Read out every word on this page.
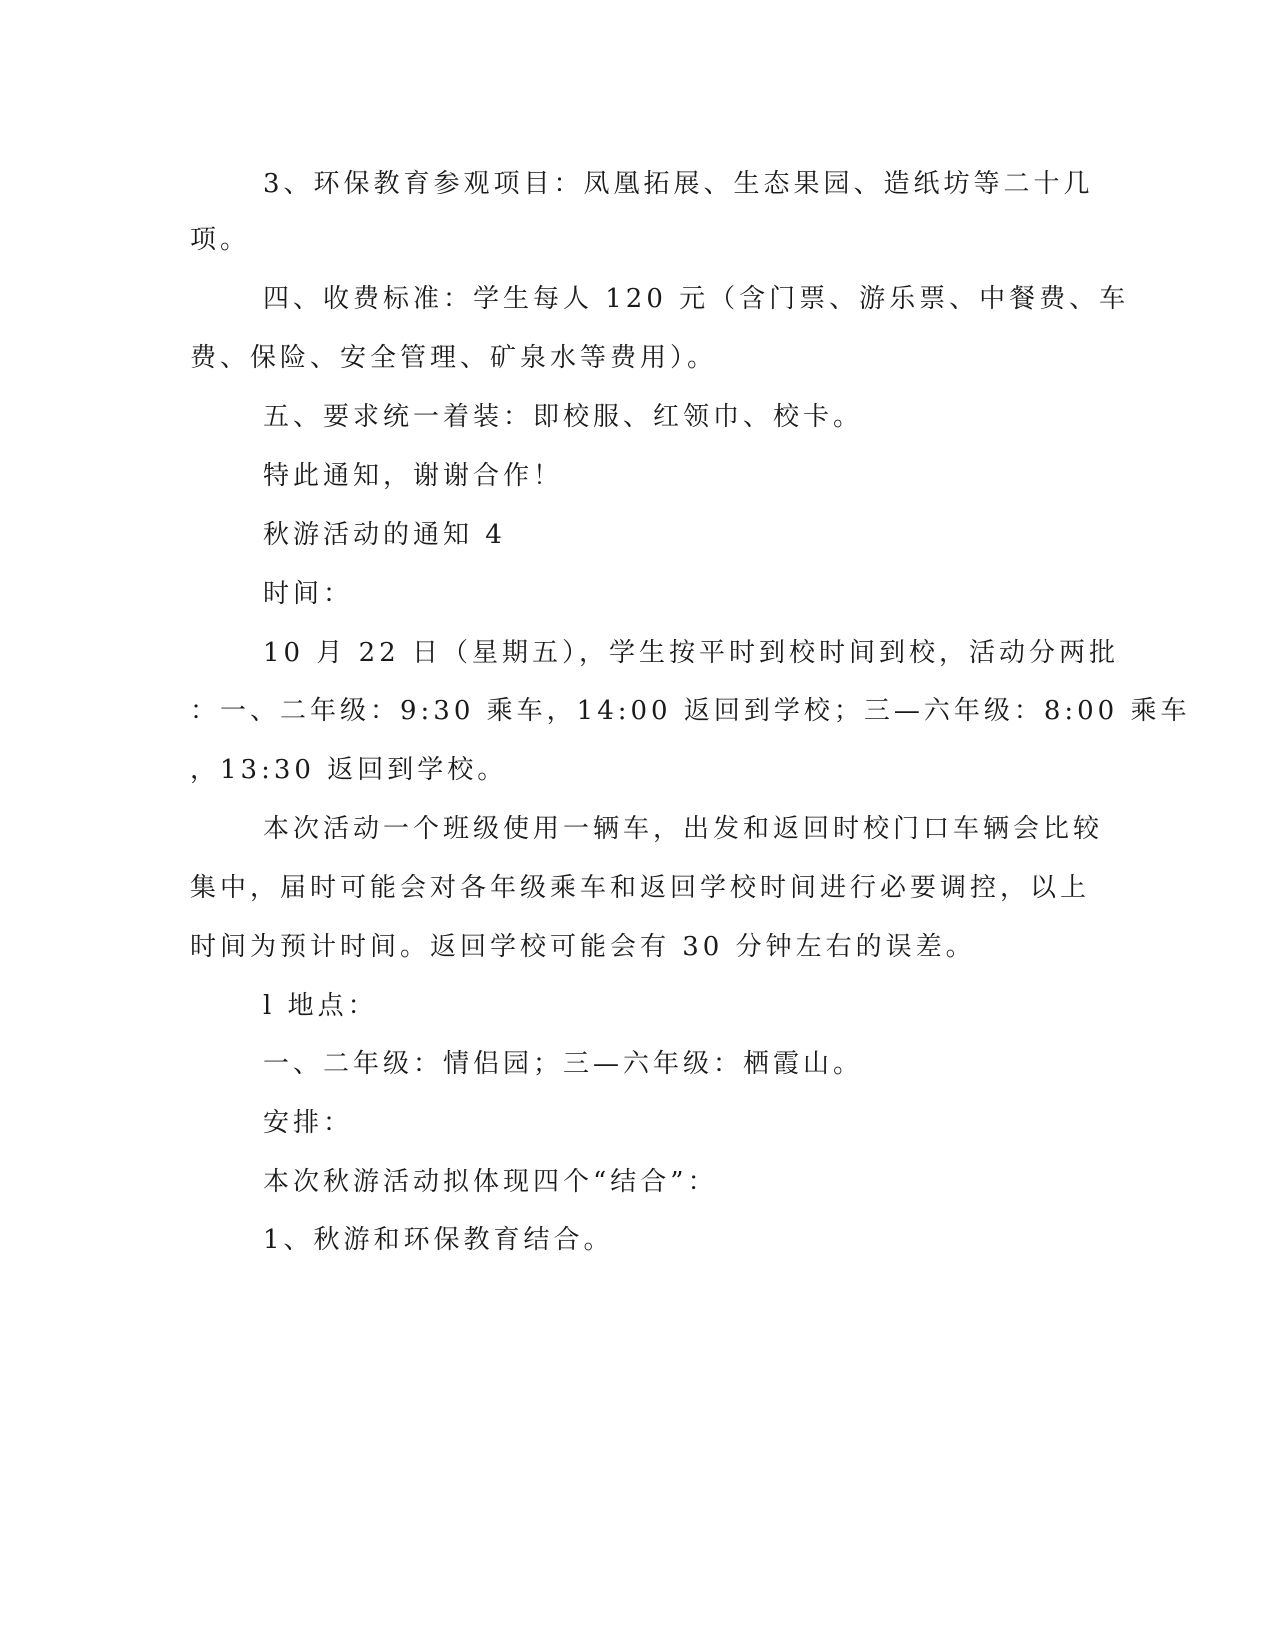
3、环保教育参观项目：凤凰拓展、生态果园、造纸坊等二十几
项。
四、收费标准：学生每人 120 元（含门票、游乐票、中餐费、车
费、保险、安全管理、矿泉水等费用）。
五、要求统一着装：即校服、红领巾、校卡。
特此通知，谢谢合作！
秋游活动的通知 4
时间：
10 月 22 日（星期五），学生按平时到校时间到校，活动分两批
：一、二年级：9:30 乘车，14:00 返回到学校；三—六年级：8:00 乘车
，13:30 返回到学校。
本次活动一个班级使用一辆车，出发和返回时校门口车辆会比较
集中，届时可能会对各年级乘车和返回学校时间进行必要调控，以上
时间为预计时间。返回学校可能会有 30 分钟左右的误差。
l 地点：
一、二年级：情侣园；三—六年级：栖霞山。
安排：
本次秋游活动拟体现四个“结合”：
1、秋游和环保教育结合。
